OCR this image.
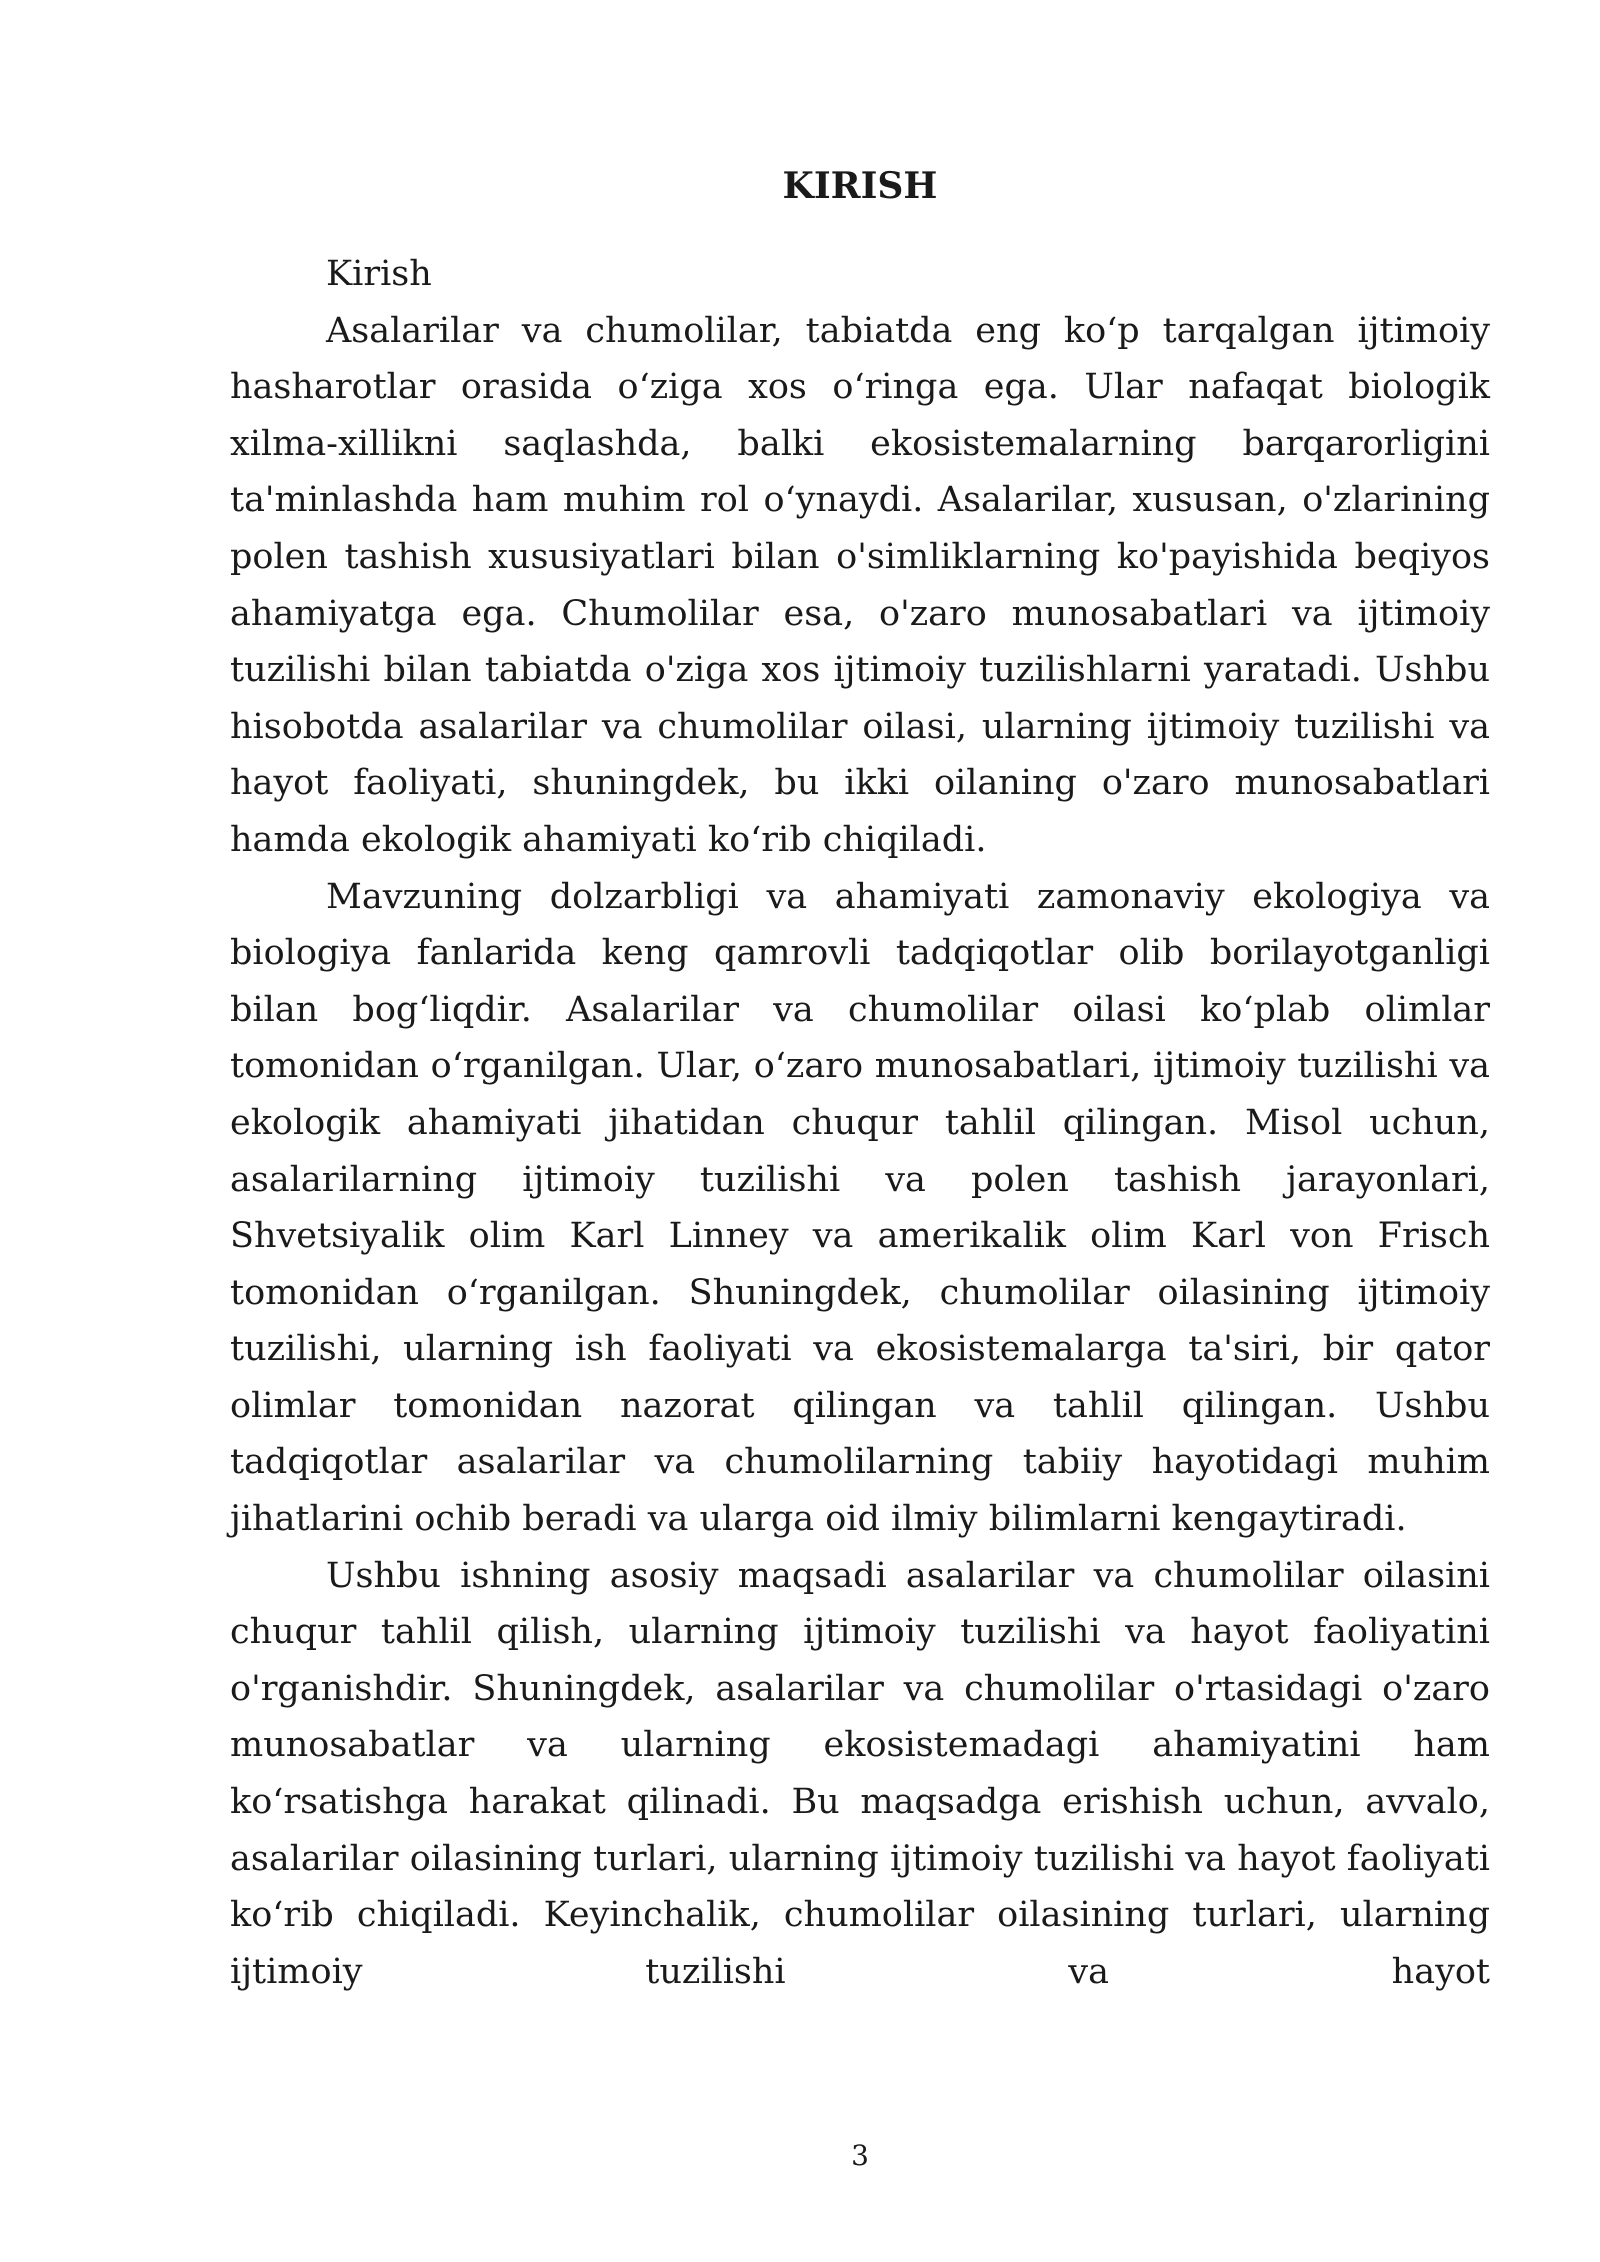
KIRISH

Kirish

Asalarilar va chumolilar, tabiatda eng koʻp tarqalgan ijtimoiy hasharotlar orasida oʻziga xos oʻringa ega. Ular nafaqat biologik xilma-xillikni saqlashda, balki ekosistemalarning barqarorligini ta'minlashda ham muhim rol oʻynaydi. Asalarilar, xususan, o'zlarining polen tashish xususiyatlari bilan o'simliklarning ko'payishida beqiyos ahamiyatga ega. Chumolilar esa, o'zaro munosabatlari va ijtimoiy tuzilishi bilan tabiatda o'ziga xos ijtimoiy tuzilishlarni yaratadi. Ushbu hisobotda asalarilar va chumolilar oilasi, ularning ijtimoiy tuzilishi va hayot faoliyati, shuningdek, bu ikki oilaning o'zaro munosabatlari hamda ekologik ahamiyati koʻrib chiqiladi.

Mavzuning dolzarbligi va ahamiyati zamonaviy ekologiya va biologiya fanlarida keng qamrovli tadqiqotlar olib borilayotganligi bilan bogʻliqdir. Asalarilar va chumolilar oilasi koʻplab olimlar tomonidan oʻrganilgan. Ular, oʻzaro munosabatlari, ijtimoiy tuzilishi va ekologik ahamiyati jihatidan chuqur tahlil qilingan. Misol uchun, asalarilarning ijtimoiy tuzilishi va polen tashish jarayonlari, Shvetsiyalik olim Karl Linney va amerikalik olim Karl von Frisch tomonidan oʻrganilgan. Shuningdek, chumolilar oilasining ijtimoiy tuzilishi, ularning ish faoliyati va ekosistemalarga ta'siri, bir qator olimlar tomonidan nazorat qilingan va tahlil qilingan. Ushbu tadqiqotlar asalarilar va chumolilarning tabiiy hayotidagi muhim jihatlarini ochib beradi va ularga oid ilmiy bilimlarni kengaytiradi.

Ushbu ishning asosiy maqsadi asalarilar va chumolilar oilasini chuqur tahlil qilish, ularning ijtimoiy tuzilishi va hayot faoliyatini o'rganishdir. Shuningdek, asalarilar va chumolilar o'rtasidagi o'zaro munosabatlar va ularning ekosistemadagi ahamiyatini ham koʻrsatishga harakat qilinadi. Bu maqsadga erishish uchun, avvalo, asalarilar oilasining turlari, ularning ijtimoiy tuzilishi va hayot faoliyati koʻrib chiqiladi. Keyinchalik, chumolilar oilasining turlari, ularning ijtimoiy tuzilishi va hayot

3
